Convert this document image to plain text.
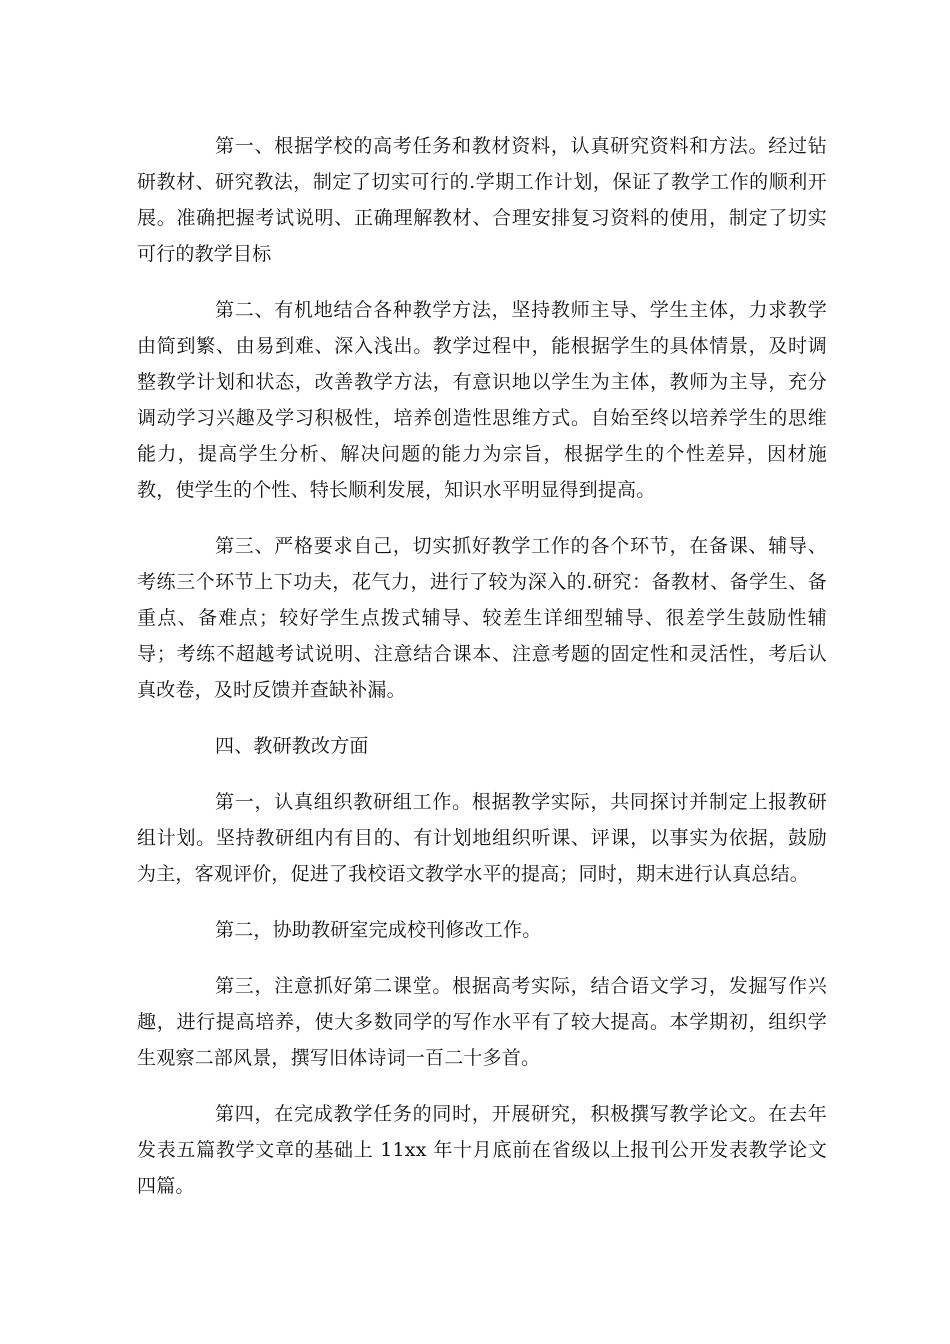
第一、根据学校的高考任务和教材资料，认真研究资料和方法。经过钻研教材、研究教法，制定了切实可行的.学期工作计划，保证了教学工作的顺利开展。准确把握考试说明、正确理解教材、合理安排复习资料的使用，制定了切实可行的教学目标

第二、有机地结合各种教学方法，坚持教师主导、学生主体，力求教学由简到繁、由易到难、深入浅出。教学过程中，能根据学生的具体情景，及时调整教学计划和状态，改善教学方法，有意识地以学生为主体，教师为主导，充分调动学习兴趣及学习积极性，培养创造性思维方式。自始至终以培养学生的思维能力，提高学生分析、解决问题的能力为宗旨，根据学生的个性差异，因材施教，使学生的个性、特长顺利发展，知识水平明显得到提高。

第三、严格要求自己，切实抓好教学工作的各个环节，在备课、辅导、考练三个环节上下功夫，花气力，进行了较为深入的.研究：备教材、备学生、备重点、备难点；较好学生点拨式辅导、较差生详细型辅导、很差学生鼓励性辅导；考练不超越考试说明、注意结合课本、注意考题的固定性和灵活性，考后认真改卷，及时反馈并查缺补漏。

四、教研教改方面

第一，认真组织教研组工作。根据教学实际，共同探讨并制定上报教研组计划。坚持教研组内有目的、有计划地组织听课、评课，以事实为依据，鼓励为主，客观评价，促进了我校语文教学水平的提高；同时，期末进行认真总结。

第二，协助教研室完成校刊修改工作。

第三，注意抓好第二课堂。根据高考实际，结合语文学习，发掘写作兴趣，进行提高培养，使大多数同学的写作水平有了较大提高。本学期初，组织学生观察二部风景，撰写旧体诗词一百二十多首。

第四，在完成教学任务的同时，开展研究，积极撰写教学论文。在去年发表五篇教学文章的基础上 11xx 年十月底前在省级以上报刊公开发表教学论文四篇。
